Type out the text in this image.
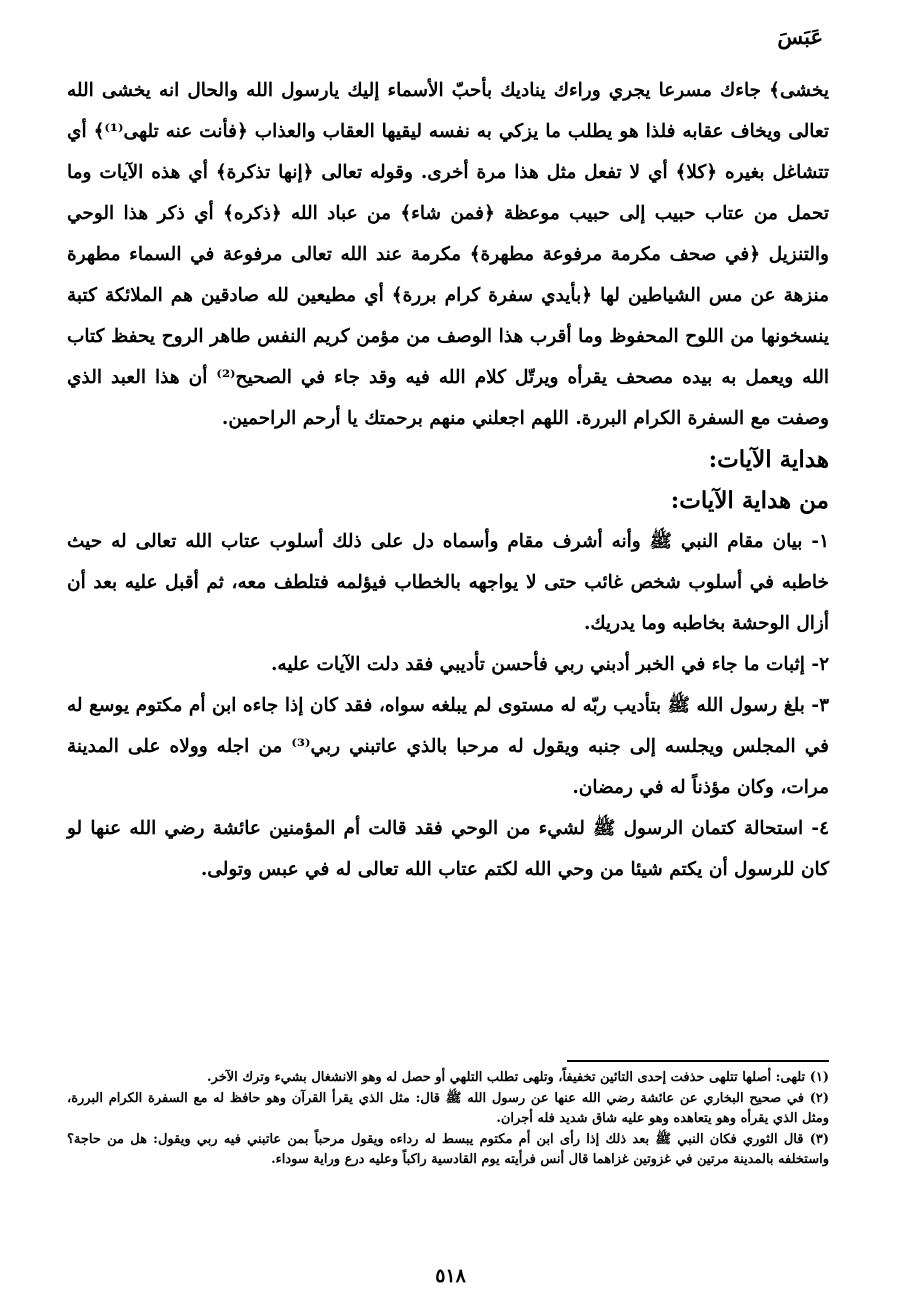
عَبَسَ

يخشى﴾ جاءك مسرعا يجري وراءك يناديك بأحبّ الأسماء إليك يارسول الله والحال انه يخشى الله تعالى ويخاف عقابه فلذا هو يطلب ما يزكي به نفسه ليقيها العقاب والعذاب ﴿فأنت عنه تلهى⁽¹⁾﴾ أي تتشاغل بغيره ﴿كلا﴾ أي لا تفعل مثل هذا مرة أخرى. وقوله تعالى ﴿إنها تذكرة﴾ أي هذه الآيات وما تحمل من عتاب حبيب إلى حبيب موعظة ﴿فمن شاء﴾ من عباد الله ﴿ذكره﴾ أي ذكر هذا الوحي والتنزيل ﴿في صحف مكرمة مرفوعة مطهرة﴾ مكرمة عند الله تعالى مرفوعة في السماء مطهرة منزهة عن مس الشياطين لها ﴿بأيدي سفرة كرام بررة﴾ أي مطيعين لله صادقين هم الملائكة كتبة ينسخونها من اللوح المحفوظ وما أقرب هذا الوصف من مؤمن كريم النفس طاهر الروح يحفظ كتاب الله ويعمل به بيده مصحف يقرأه ويرتّل كلام الله فيه وقد جاء في الصحيح⁽²⁾ أن هذا العبد الذي وصفت مع السفرة الكرام البررة. اللهم اجعلني منهم برحمتك يا أرحم الراحمين.

هداية الآيات:
من هداية الآيات:

١- بيان مقام النبي ﷺ وأنه أشرف مقام وأسماه دل على ذلك أسلوب عتاب الله تعالى له حيث خاطبه في أسلوب شخص غائب حتى لا يواجهه بالخطاب فيؤلمه فتلطف معه، ثم أقبل عليه بعد أن أزال الوحشة بخاطبه وما يدريك.

٢- إثبات ما جاء في الخبر أدبني ربي فأحسن تأديبي فقد دلت الآيات عليه.

٣- بلغ رسول الله ﷺ بتأديب ربّه له مستوى لم يبلغه سواه، فقد كان إذا جاءه ابن أم مكتوم يوسع له في المجلس ويجلسه إلى جنبه ويقول له مرحبا بالذي عاتبني ربي⁽³⁾ من اجله وولاه على المدينة مرات، وكان مؤذناً له في رمضان.

٤- استحالة كتمان الرسول ﷺ لشيء من الوحي فقد قالت أم المؤمنين عائشة رضي الله عنها لو كان للرسول أن يكتم شيئا من وحي الله لكتم عتاب الله تعالى له في عبس وتولى.

(١) تلهى: أصلها تتلهى حذفت إحدى التائين تخفيفاً، وتلهى تطلب التلهي أو حصل له وهو الانشغال بشيء وترك الآخر.

(٢) في صحيح البخاري عن عائشة رضي الله عنها عن رسول الله ﷺ قال: مثل الذي يقرأ القرآن وهو حافظ له مع السفرة الكرام البررة، ومثل الذي يقرأه وهو يتعاهده وهو عليه شاق شديد فله أجران.

(٣) قال الثوري فكان النبي ﷺ بعد ذلك إذا رأى ابن أم مكتوم يبسط له رداءه ويقول مرحباً بمن عاتبني فيه ربي ويقول: هل من حاجة؟ واستخلفه بالمدينة مرتين في غزوتين غزاهما قال أنس فرأيته يوم القادسية راكباً وعليه درع وراية سوداء.

٥١٨
